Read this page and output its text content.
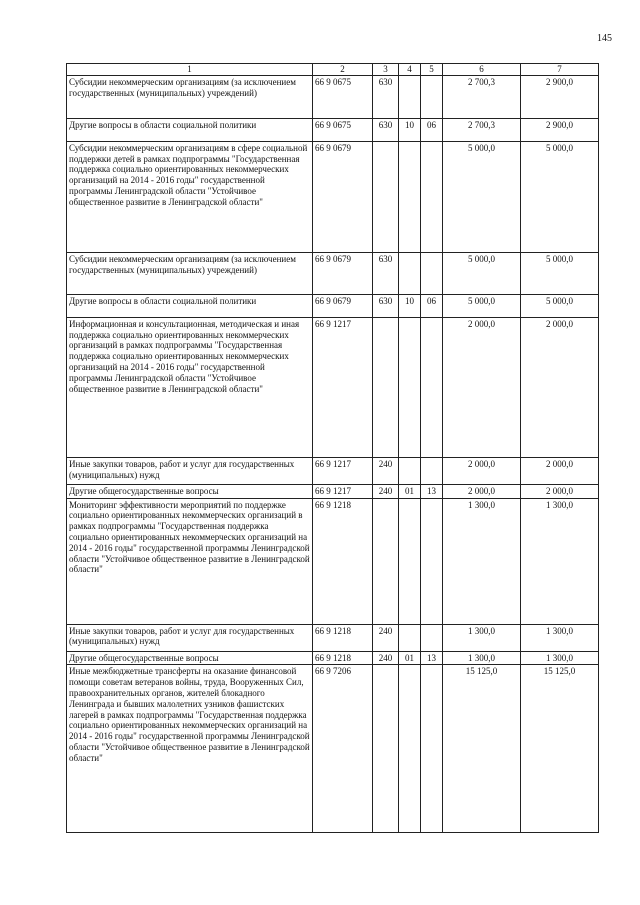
145
1	2	3	4	5	6	7
Субсидии некоммерческим организациям (за исключением государственных (муниципальных) учреждений)	66 9 0675	630			2 700,3	2 900,0
Другие вопросы в области социальной политики	66 9 0675	630	10	06	2 700,3	2 900,0
Субсидии некоммерческим организациям в сфере социальной поддержки детей в рамках подпрограммы "Государственная поддержка социально ориентированных некоммерческих организаций на 2014 - 2016 годы" государственной программы Ленинградской области "Устойчивое общественное развитие в Ленинградской области"	66 9 0679				5 000,0	5 000,0
Субсидии некоммерческим организациям (за исключением государственных (муниципальных) учреждений)	66 9 0679	630			5 000,0	5 000,0
Другие вопросы в области социальной политики	66 9 0679	630	10	06	5 000,0	5 000,0
Информационная и консультационная, методическая и иная поддержка социально ориентированных некоммерческих организаций в рамках подпрограммы "Государственная поддержка социально ориентированных некоммерческих организаций на 2014 - 2016 годы" государственной программы Ленинградской области "Устойчивое общественное развитие в Ленинградской области"	66 9 1217				2 000,0	2 000,0
Иные закупки товаров, работ и услуг для государственных (муниципальных) нужд	66 9 1217	240			2 000,0	2 000,0
Другие общегосударственные вопросы	66 9 1217	240	01	13	2 000,0	2 000,0
Мониторинг эффективности мероприятий по поддержке социально ориентированных некоммерческих организаций в рамках подпрограммы "Государственная поддержка социально ориентированных некоммерческих организаций на 2014 - 2016 годы" государственной программы Ленинградской области "Устойчивое общественное развитие в Ленинградской области"	66 9 1218				1 300,0	1 300,0
Иные закупки товаров, работ и услуг для государственных (муниципальных) нужд	66 9 1218	240			1 300,0	1 300,0
Другие общегосударственные вопросы	66 9 1218	240	01	13	1 300,0	1 300,0
Иные межбюджетные трансферты на оказание финансовой помощи советам ветеранов войны, труда, Вооруженных Сил, правоохранительных органов, жителей блокадного Ленинграда и бывших малолетних узников фашистских лагерей в рамках подпрограммы "Государственная поддержка социально ориентированных некоммерческих организаций на 2014 - 2016 годы" государственной программы Ленинградской области "Устойчивое общественное развитие в Ленинградской области"	66 9 7206				15 125,0	15 125,0
